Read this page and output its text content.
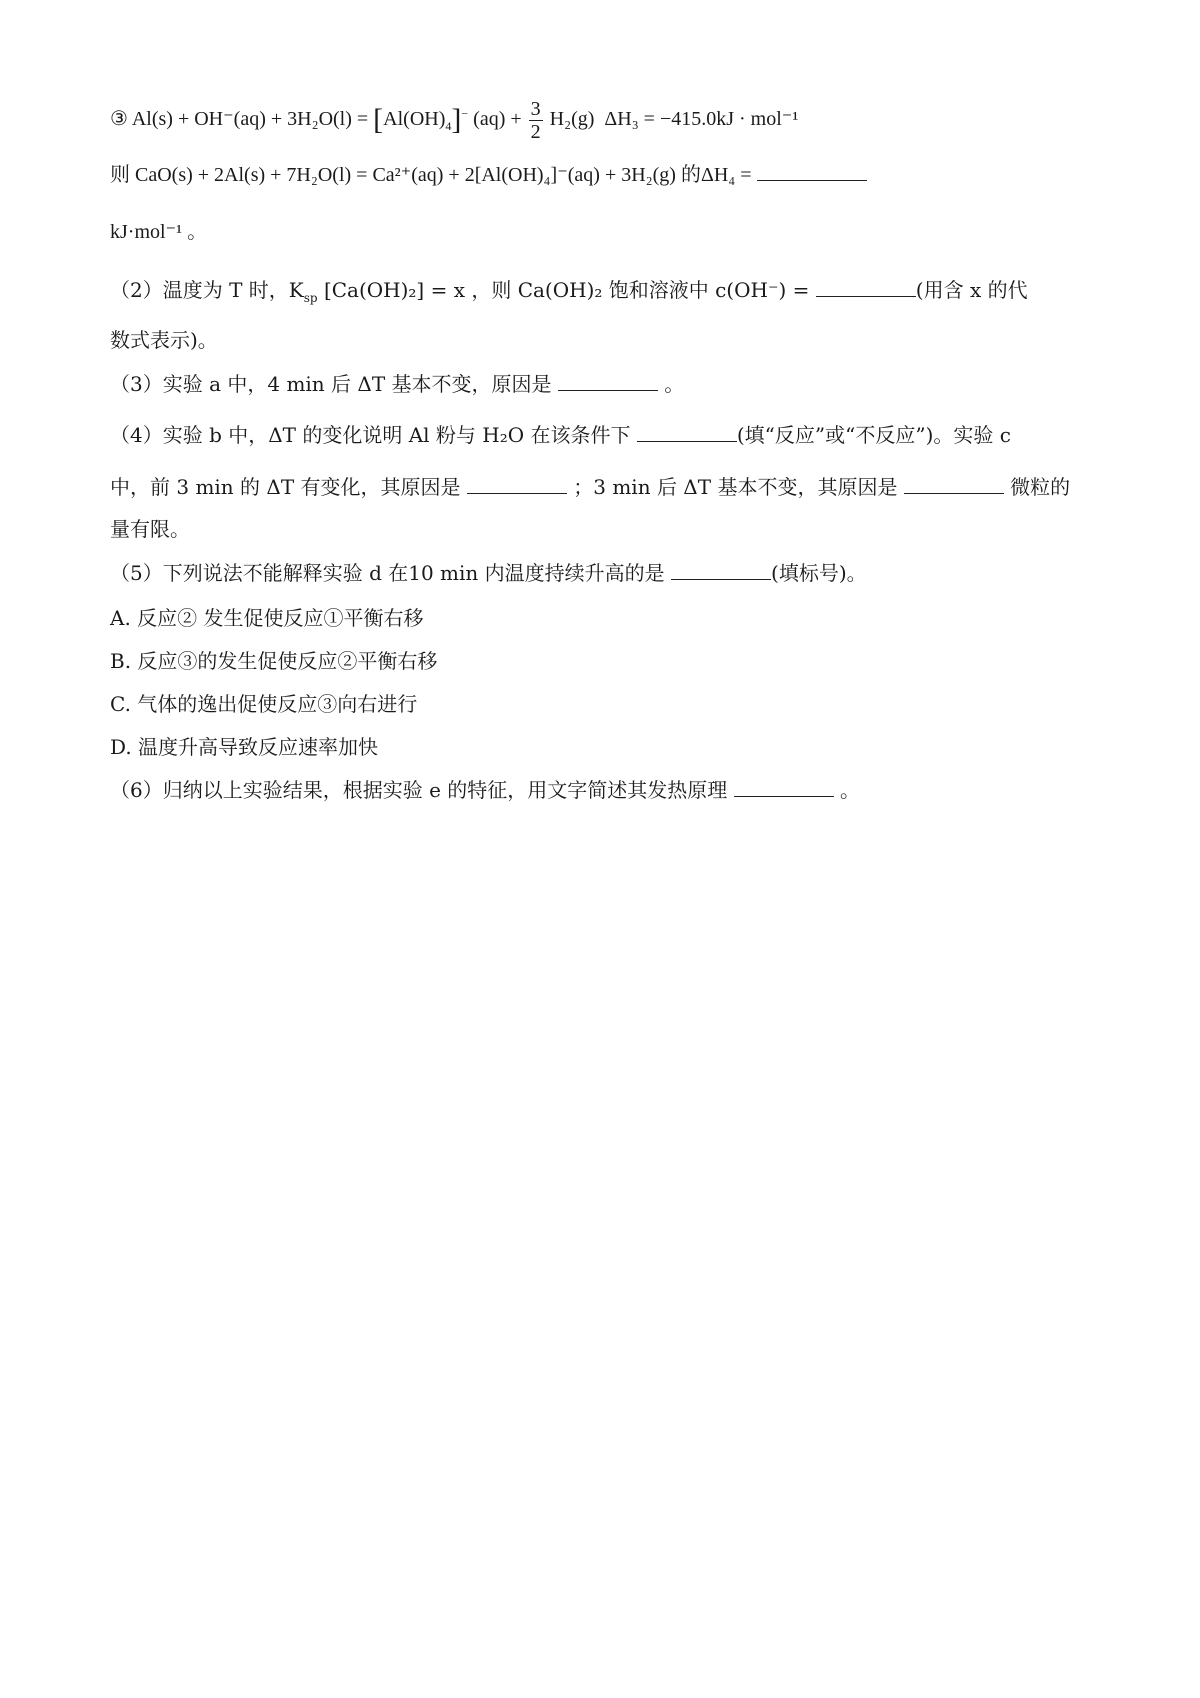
③ $Al(s) + OH^-(aq) + 3H_2O(l) = [Al(OH)_4]^-$ $(aq) + \frac{3}{2} H_2(g) \Delta H_3 = -415.0kJ \cdot mol^{-1}$
则 CaO(s) + 2Al(s) + 7H₂O(l) = Ca²⁺(aq) + 2[Al(OH)₄]⁻(aq) + 3H₂(g) 的ΔH₄ =
kJ·mol⁻¹ 。
（2）温度为 T 时，$K_{sp}$ [Ca(OH)₂] = x ，则 Ca(OH)₂ 饱和溶液中 c(OH⁻) =	(用含 x 的代
数式表示)。
（3）实验 a 中，4 min 后 ΔT 基本不变，原因是	。
（4）实验 b 中，ΔT 的变化说明 Al 粉与 H₂O 在该条件下	(填“反应”或“不反应”)。实验 c
中，前 3 min 的 ΔT 有变化，其原因是	；3 min 后 ΔT 基本不变，其原因是	微粒的
量有限。
（5）下列说法不能解释实验 d 在10 min 内温度持续升高的是	(填标号)。
A. 反应② 发生促使反应①平衡右移
B. 反应③的发生促使反应②平衡右移
C. 气体的逸出促使反应③向右进行
D. 温度升高导致反应速率加快
（6）归纳以上实验结果，根据实验 e 的特征，用文字简述其发热原理	。
